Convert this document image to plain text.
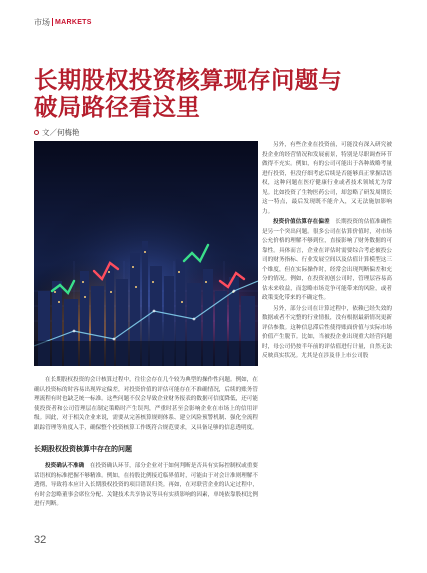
市场 MARKETS
长期股权投资核算现存问题与
破局路径看这里
文／何梅艳

另外，有些企业在投资前，可能没有深入研究被投企业的经营情况和发展前景，特别是尽职调查环节做得不充实。例如，有的公司可能出于各种战略考量进行投资，但没仔细考虑后续是否能够真正掌握话语权，这种问题在医疗健康行业或者技术领域尤为常见。比如投资了生物医药公司，却忽略了研发周期长这一特点，最后发现既不能介入，又无法施加影响力。

投资价值估算存在偏差　 长期投资的估值准确性是另一个突出问题。很多公司在估算价值时，对市场公允价格的理解不够到位，直接影响了财务数据的可靠性。具体而言，企业在评估时需要综合考虑被投公司的财务指标、行业发展空间以及估值计算模型这三个维度，但在实际操作时，经常会出现判断偏差和充分的情况。例如，在投资初创公司时，管理层容易高估未来收益，而忽略市场竞争可能带来的风险，或者政策变化带来的不确定性。

另外，部分公司在计算过程中，依赖已经失效的数据或者不完整的行业情报，没有根据最新情况更新评估参数。这种信息滞后性使得账面价值与实际市场价值产生脱节。比如，当被投企业出现重大经营问题时，母公司仍按半年前的评估值进行计量，自然无法反映真实状况。尤其是在涉及非上市公司股

在长期股权投资的会计核算过程中，往往会存在几个较为典型的操作性问题。例如，在确认投资标的时容易出现界定偏差，对投资价值的评估可能存在不准确情况，后续的账务管理流程有时也缺乏统一标准。这些问题不仅会导致企业财务报表的数据可信度降低，还可能使投资者和公司管理层在制定策略时产生误判，严重时甚至会影响企业在市场上的信用评级。因此，对于相关企业来说，需要从完善核算规则体系、建立风险预警机制、强化全流程跟踪管理等角度入手，确保整个投资核算工作既符合规范要求，又具备足够的信息透明度。

长期股权投资核算中存在的问题

投资确认不准确　 在投资确认环节，部分企业对于如何判断是否具有实际控制权或重要话语权的标准把握不够精准。例如，在持股比例接近临界值时，可能由于对会计准则理解不透彻，导致将本应计入长期股权投资的项目错误归类。再如，在对联营企业的认定过程中，有时会忽略董事会席位分配、关键技术共享协议等具有实质影响的因素，单纯依靠股权比例进行判断。

32
